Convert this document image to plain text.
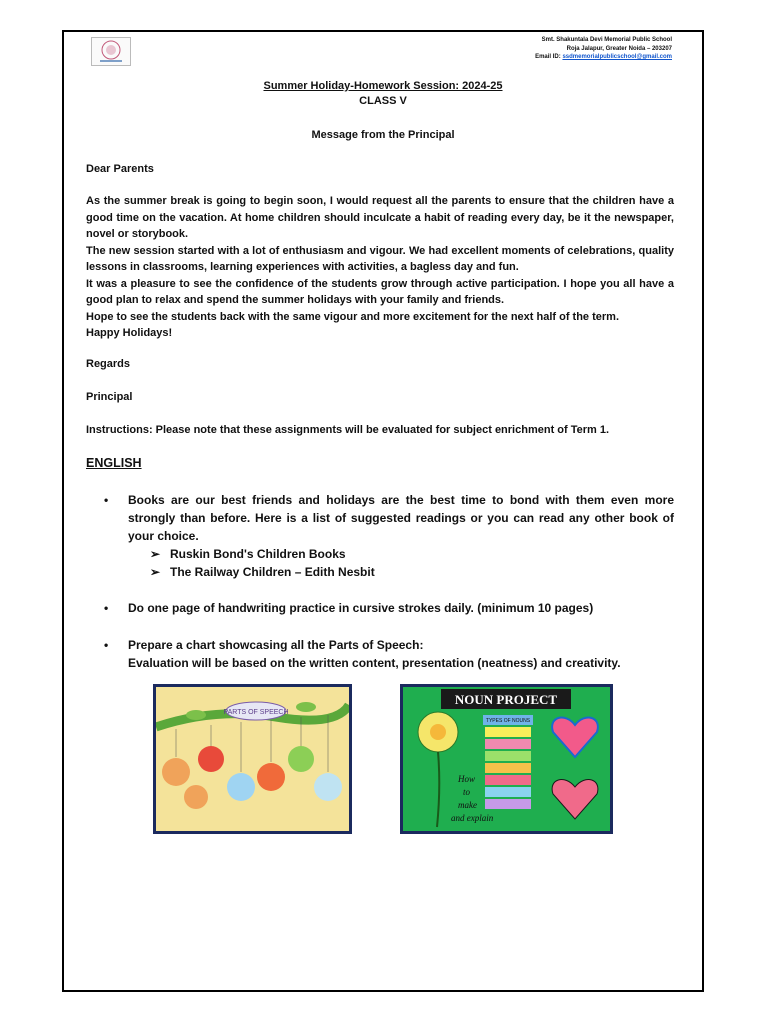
Smt. Shakuntala Devi Memorial Public School
Roja Jalapur, Greater Noida – 203207
Email ID: ssdmemorialpublicschool@gmail.com
Summer Holiday-Homework Session: 2024-25
CLASS V
Message from the Principal
Dear Parents

As the summer break is going to begin soon, I would request all the parents to ensure that the children have a good time on the vacation. At home children should inculcate a habit of reading every day, be it the newspaper, novel or storybook.

The new session started with a lot of enthusiasm and vigour. We had excellent moments of celebrations, quality lessons in classrooms, learning experiences with activities, a bagless day and fun.

It was a pleasure to see the confidence of the students grow through active participation. I hope you all have a good plan to relax and spend the summer holidays with your family and friends.

Hope to see the students back with the same vigour and more excitement for the next half of the term.

Happy Holidays!

Regards
Principal
Instructions: Please note that these assignments will be evaluated for subject enrichment of Term 1.
ENGLISH
• Books are our best friends and holidays are the best time to bond with them even more strongly than before. Here is a list of suggested readings or you can read any other book of your choice.
➢ Ruskin Bond's Children Books
➢ The Railway Children – Edith Nesbit
• Do one page of handwriting practice in cursive strokes daily. (minimum 10 pages)
• Prepare a chart showcasing all the Parts of Speech:
Evaluation will be based on the written content, presentation (neatness) and creativity.
PARTS OF SPEECH
NOUN PROJECT
How
to
make
and explain
TYPES OF NOUNS
